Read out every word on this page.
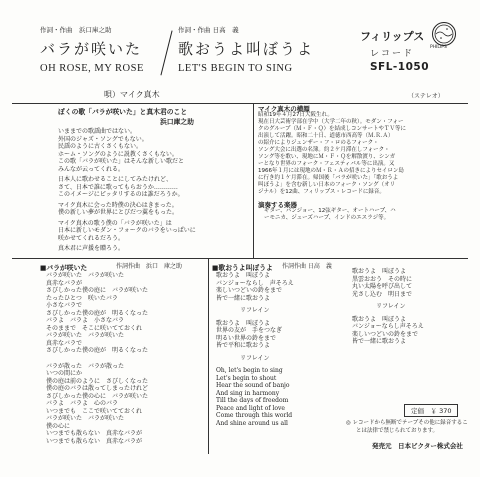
作詞・作曲　浜口庫之助
バラが咲いた
OH ROSE, MY ROSE
作詞・作曲 日高　義
歌おうよ叫ぼうよ
LET'S BEGIN TO SING
フィリップス
PHILIPS
レコード
SFL-1050
唄）マイク真木	（ステレオ）
ぼくの歌「バラが咲いた」と真木君のこと
浜口庫之助
いままでの歌謡曲ではない。
外国のジャズ・ソングでもない。
民謡のように古くさくもない。
ホーム・ソングのように説教くさくもない。
この歌「バラが咲いた」はそんな新しい歌だと
みんなが云ってくれる。
日本人に歌わせることにしてみたけれど、
さて、日本で誰に歌ってもらおうか…………
このイメージにピッタリするのは誰だろうか。
マイク真木に会った時僕の決心はきまった。
僕の新しい夢が世界にとびだつ翼をもった。
マイク真木の歌う僕の「バラが咲いた」は
日本に新しいモダン・フォークのバラをいっぱいに
咲かせてくれるだろう。
真木君に声援を贈ろう。
マイク真木の横顔
昭和19年４月27日大阪生れ。
現在日大芸術学部在学中（大学二年の秋）。モダン・フォー
クのグループ（Ｍ・Ｆ・Ｑ）を結成しコンサートやＴＶ等に
出演して活躍。昭和二十日、道徳市西高等（Ｍ.Ｒ.Ａ）
の紹介によりジェンザー・フ・ロのるフォーク・
ソング大会に出選の名簿。約２ケ月滞在しフォーク・
ソング等を歌い、現地にＭ・Ｆ・Ｑを解散渡り、シンガ
ーとなり世界のフォーク・フェスティバル等に出演。又
1966年１月には現地のＭ・Ｒ・Ａの招きによりセイロン島
に行き約１ケ月滞在。帰国後「バラが咲いた」「歌おうよ
叫ぼうよ」を含む新しい日本のフォーク・ソング（オリ
ジナル）を12曲、フィリップス・レコードに録音。
演奏する楽器
ギター、バンジョー、12弦ギター、オートハープ、ハ
ーモニカ、ジューズハープ、インドのエスラジ等。
■バラが咲いた	作詞作曲　浜口　庫之助
バラが咲いた　バラが咲いた
真赤なバラが
さびしかった僕の庭に　バラが咲いた
たったひとつ　咲いたバラ
小さなバラで
さびしかった僕の庭が　明るくなった
バラよ　バラよ　小さなバラ
そのままで　そこに咲いてておくれ
バラが咲いた　バラが咲いた
真赤なバラで
さびしかった僕の庭が　明るくなった
バラが散った　バラが散った
いつの間にか
僕の庭は前のように　さびしくなった
僕の庭のバラは散ってしまったけれど
さびしかった僕の心に　バラが咲いた
バラよ　バラよ　心のバラ
いつまでも　ここで咲いてておくれ
バラが咲いた　バラが咲いた
僕の心に
いつまでも散らない　真赤なバラが
いつまでも散らない　真赤なバラが
■歌おうよ叫ぼうよ 作詞作曲 日高　義
歌おうよ　叫ぼうよ
バンジョーならし　声そろえ
楽しいつどいの鈴をまで
皆で一緒に歌おうよ
リフレイン
歌おうよ　叫ぼうよ
世界の友が　手をつなぎ
明るい世界の鈴をまで
皆で平和に歌おうよ
リフレイン
Oh, let's begin to sing
Let's begin to shout
Hear the sound of banjo
And sing in harmony
Till the days of freedom
Peace and light of love
Come through this world
And shine around us all
歌おうよ　叫ぼうよ
黒雲おおう　その時に
丸い太陽を呼び出して
光さし込む　明日まで
リフレイン
歌おうよ　叫ぼうよ
バンジョーならし声そろえ
楽しいつどいの鈴をまで
皆で一緒に歌おうよ
定価　￥ 370
◎ レコードから無断でテープその他に録音するこ
とは法律で禁じられております。
発売元　日本ビクター株式会社
